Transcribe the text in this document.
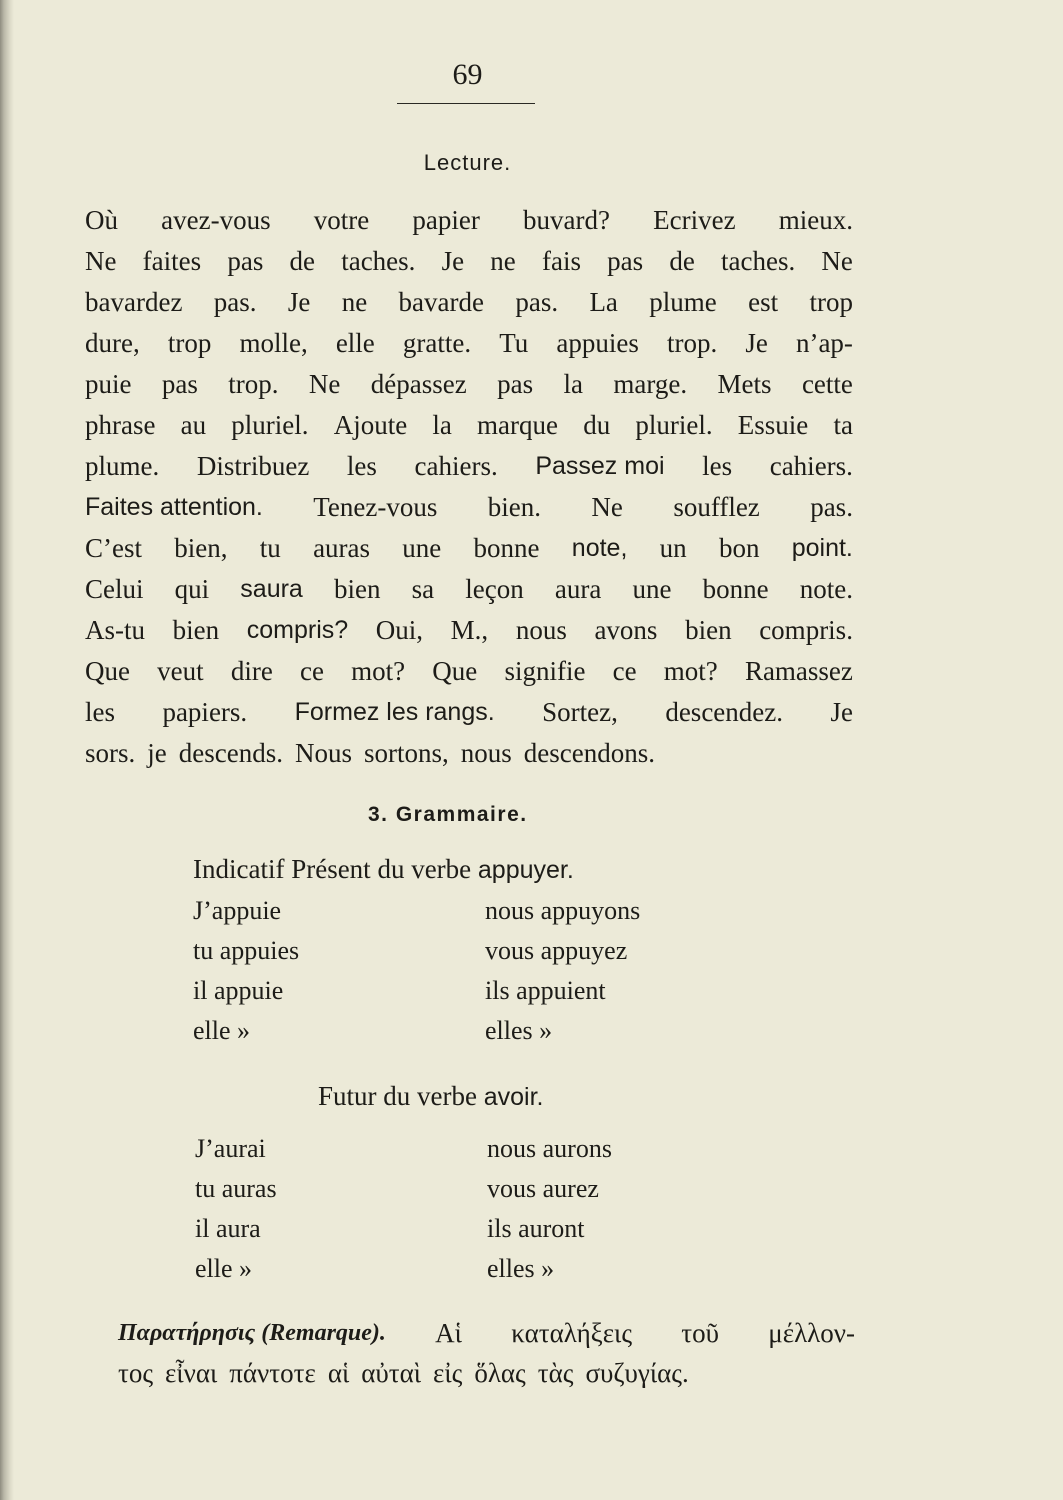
69
Lecture.
Où avez-vous votre papier buvard? Ecrivez mieux.
Ne faites pas de taches. Je ne fais pas de taches. Ne
bavardez pas. Je ne bavarde pas. La plume est trop
dure, trop molle, elle gratte. Tu appuies trop. Je n’ap-
puie pas trop. Ne dépassez pas la marge. Mets cette
phrase au pluriel. Ajoute la marque du pluriel. Essuie ta
plume. Distribuez les cahiers. Passez moi les cahiers.
Faites attention. Tenez-vous bien. Ne soufflez pas.
C’est bien, tu auras une bonne note, un bon point.
Celui qui saura bien sa leçon aura une bonne note.
As-tu bien compris? Oui, M., nous avons bien compris.
Que veut dire ce mot? Que signifie ce mot? Ramassez
les papiers. Formez les rangs. Sortez, descendez. Je
sors. je descends. Nous sortons, nous descendons.
3. Grammaire.
Indicatif Présent du verbe appuyer.
J’appuie	nous appuyons
tu appuies	vous appuyez
il appuie	ils appuient
elle »	elles »
Futur du verbe avoir.
J’aurai	nous aurons
tu auras	vous aurez
il aura	ils auront
elle »	elles »
Παρατήρησις (Remarque). Αἱ καταλήξεις τοῦ μέλλον-
τος εἶναι πάντοτε αἱ αὐταὶ εἰς ὅλας τὰς συζυγίας.
